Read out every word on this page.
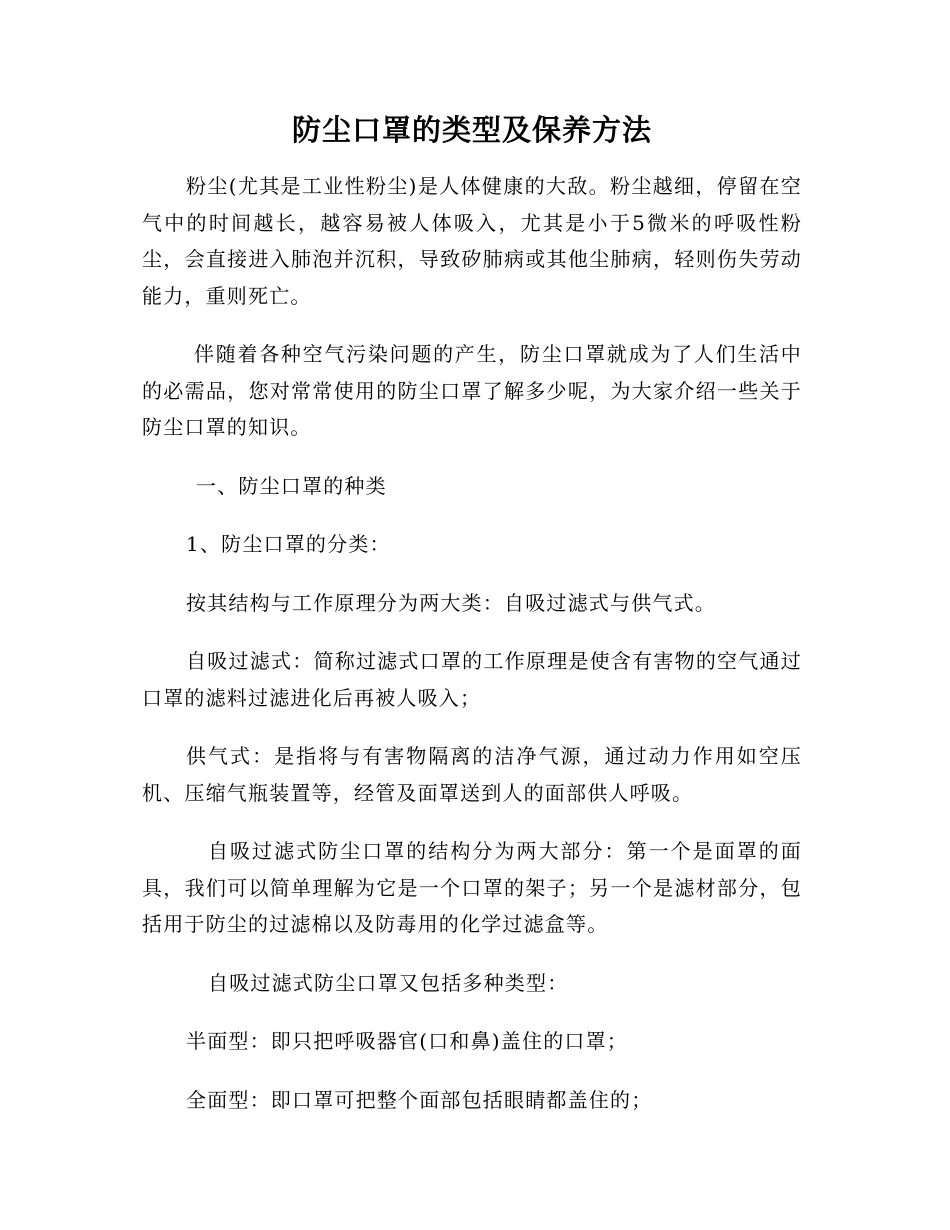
防尘口罩的类型及保养方法

粉尘(尤其是工业性粉尘)是人体健康的大敌。粉尘越细，停留在空气中的时间越长，越容易被人体吸入，尤其是小于5微米的呼吸性粉尘，会直接进入肺泡并沉积，导致矽肺病或其他尘肺病，轻则伤失劳动能力，重则死亡。

伴随着各种空气污染问题的产生，防尘口罩就成为了人们生活中的必需品，您对常常使用的防尘口罩了解多少呢，为大家介绍一些关于防尘口罩的知识。

一、防尘口罩的种类

1、防尘口罩的分类：

按其结构与工作原理分为两大类：自吸过滤式与供气式。

自吸过滤式：简称过滤式口罩的工作原理是使含有害物的空气通过口罩的滤料过滤进化后再被人吸入；

供气式：是指将与有害物隔离的洁净气源，通过动力作用如空压机、压缩气瓶装置等，经管及面罩送到人的面部供人呼吸。

自吸过滤式防尘口罩的结构分为两大部分：第一个是面罩的面具，我们可以简单理解为它是一个口罩的架子；另一个是滤材部分，包括用于防尘的过滤棉以及防毒用的化学过滤盒等。

自吸过滤式防尘口罩又包括多种类型：

半面型：即只把呼吸器官(口和鼻)盖住的口罩；

全面型：即口罩可把整个面部包括眼睛都盖住的；
